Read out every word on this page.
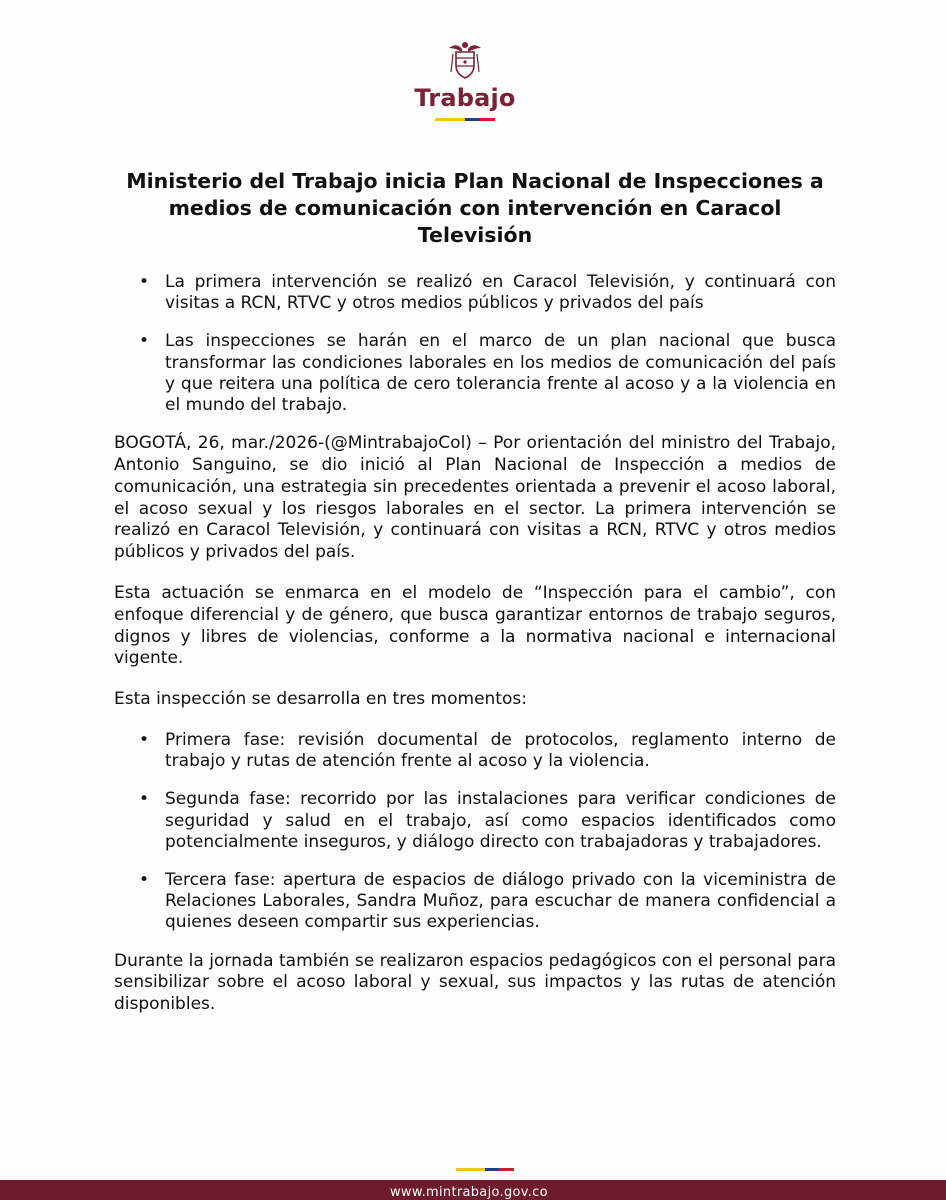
Trabajo
Ministerio del Trabajo inicia Plan Nacional de Inspecciones a medios de comunicación con intervención en Caracol Televisión
• La primera intervención se realizó en Caracol Televisión, y continuará con visitas a RCN, RTVC y otros medios públicos y privados del país
• Las inspecciones se harán en el marco de un plan nacional que busca transformar las condiciones laborales en los medios de comunicación del país y que reitera una política de cero tolerancia frente al acoso y a la violencia en el mundo del trabajo.

BOGOTÁ, 26, mar./2026-(@MintrabajoCol) – Por orientación del ministro del Trabajo, Antonio Sanguino, se dio inició al Plan Nacional de Inspección a medios de comunicación, una estrategia sin precedentes orientada a prevenir el acoso laboral, el acoso sexual y los riesgos laborales en el sector. La primera intervención se realizó en Caracol Televisión, y continuará con visitas a RCN, RTVC y otros medios públicos y privados del país.

Esta actuación se enmarca en el modelo de “Inspección para el cambio”, con enfoque diferencial y de género, que busca garantizar entornos de trabajo seguros, dignos y libres de violencias, conforme a la normativa nacional e internacional vigente.

Esta inspección se desarrolla en tres momentos:

• Primera fase: revisión documental de protocolos, reglamento interno de trabajo y rutas de atención frente al acoso y la violencia.
• Segunda fase: recorrido por las instalaciones para verificar condiciones de seguridad y salud en el trabajo, así como espacios identificados como potencialmente inseguros, y diálogo directo con trabajadoras y trabajadores.
• Tercera fase: apertura de espacios de diálogo privado con la viceministra de Relaciones Laborales, Sandra Muñoz, para escuchar de manera confidencial a quienes deseen compartir sus experiencias.

Durante la jornada también se realizaron espacios pedagógicos con el personal para sensibilizar sobre el acoso laboral y sexual, sus impactos y las rutas de atención disponibles.

www.mintrabajo.gov.co
